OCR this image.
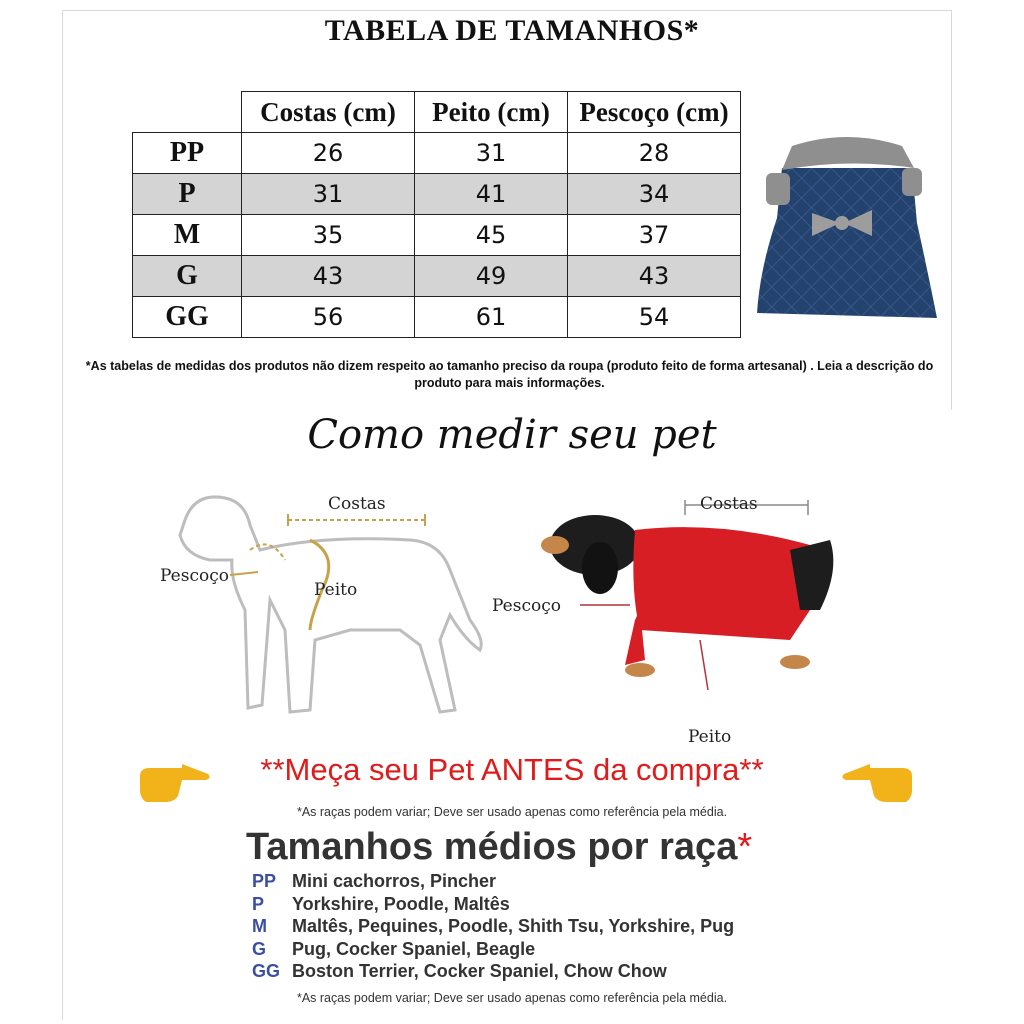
TABELA DE TAMANHOS*
	Costas (cm)	Peito (cm)	Pescoço (cm)
PP	26	31	28
P	31	41	34
M	35	45	37
G	43	49	43
GG	56	61	54
*As tabelas de medidas dos produtos não dizem respeito ao tamanho preciso da roupa (produto feito de forma artesanal) . Leia a descrição do produto para mais informações.
Como medir seu pet
Costas
Pescoço
Peito
Costas
Pescoço
Peito
**Meça seu Pet ANTES da compra**
*As raças podem variar; Deve ser usado apenas como referência pela média.
Tamanhos médios por raça*
PP Mini cachorros, Pincher
P Yorkshire, Poodle, Maltês
M Maltês, Pequines, Poodle, Shith Tsu, Yorkshire, Pug
G Pug, Cocker Spaniel, Beagle
GG Boston Terrier, Cocker Spaniel, Chow Chow
*As raças podem variar; Deve ser usado apenas como referência pela média.
